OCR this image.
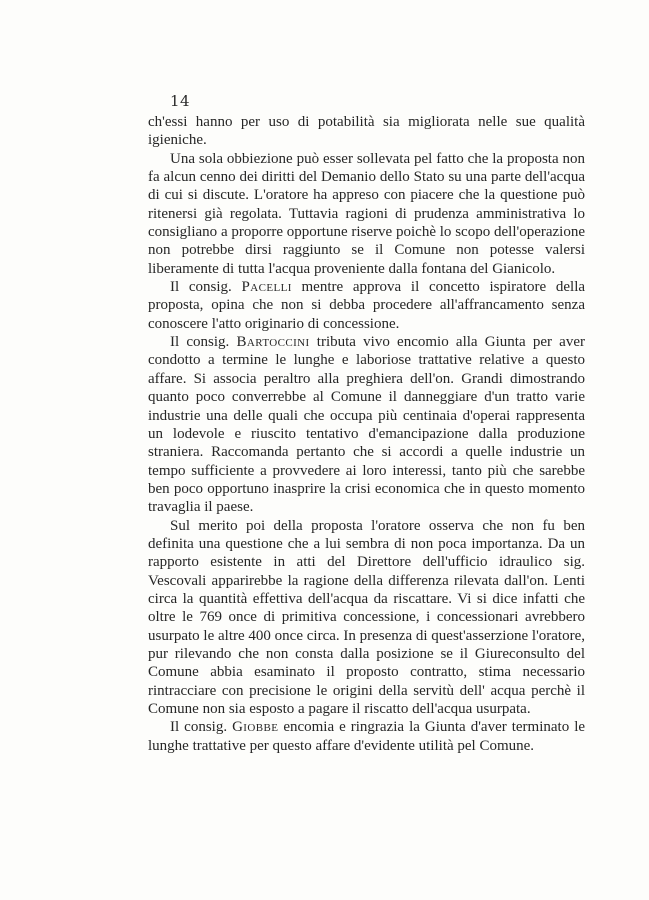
14

ch'essi hanno per uso di potabilità sia migliorata nelle sue qualità igieniche.

Una sola obbiezione può esser sollevata pel fatto che la proposta non fa alcun cenno dei diritti del Demanio dello Stato su una parte dell'acqua di cui si discute. L'oratore ha appreso con piacere che la questione può ritenersi già regolata. Tuttavia ragioni di prudenza amministrativa lo consigliano a proporre opportune riserve poichè lo scopo dell'operazione non potrebbe dirsi raggiunto se il Comune non potesse valersi liberamente di tutta l'acqua proveniente dalla fontana del Gianicolo.

Il consig. Pacelli mentre approva il concetto ispiratore della proposta, opina che non si debba procedere all'affrancamento senza conoscere l'atto originario di concessione.

Il consig. Bartoccini tributa vivo encomio alla Giunta per aver condotto a termine le lunghe e laboriose trattative relative a questo affare. Si associa peraltro alla preghiera dell'on. Grandi dimostrando quanto poco converrebbe al Comune il danneggiare d'un tratto varie industrie una delle quali che occupa più centinaia d'operai rappresenta un lodevole e riuscito tentativo d'emancipazione dalla produzione straniera. Raccomanda pertanto che si accordi a quelle industrie un tempo sufficiente a provvedere ai loro interessi, tanto più che sarebbe ben poco opportuno inasprire la crisi economica che in questo momento travaglia il paese.

Sul merito poi della proposta l'oratore osserva che non fu ben definita una questione che a lui sembra di non poca importanza. Da un rapporto esistente in atti del Direttore dell'ufficio idraulico sig. Vescovali apparirebbe la ragione della differenza rilevata dall'on. Lenti circa la quantità effettiva dell'acqua da riscattare. Vi si dice infatti che oltre le 769 once di primitiva concessione, i concessionari avrebbero usurpato le altre 400 once circa. In presenza di quest'asserzione l'oratore, pur rilevando che non consta dalla posizione se il Giureconsulto del Comune abbia esaminato il proposto contratto, stima necessario rintracciare con precisione le origini della servitù dell' acqua perchè il Comune non sia esposto a pagare il riscatto dell'acqua usurpata.

Il consig. Giobbe encomia e ringrazia la Giunta d'aver terminato le lunghe trattative per questo affare d'evidente utilità pel Comune.
